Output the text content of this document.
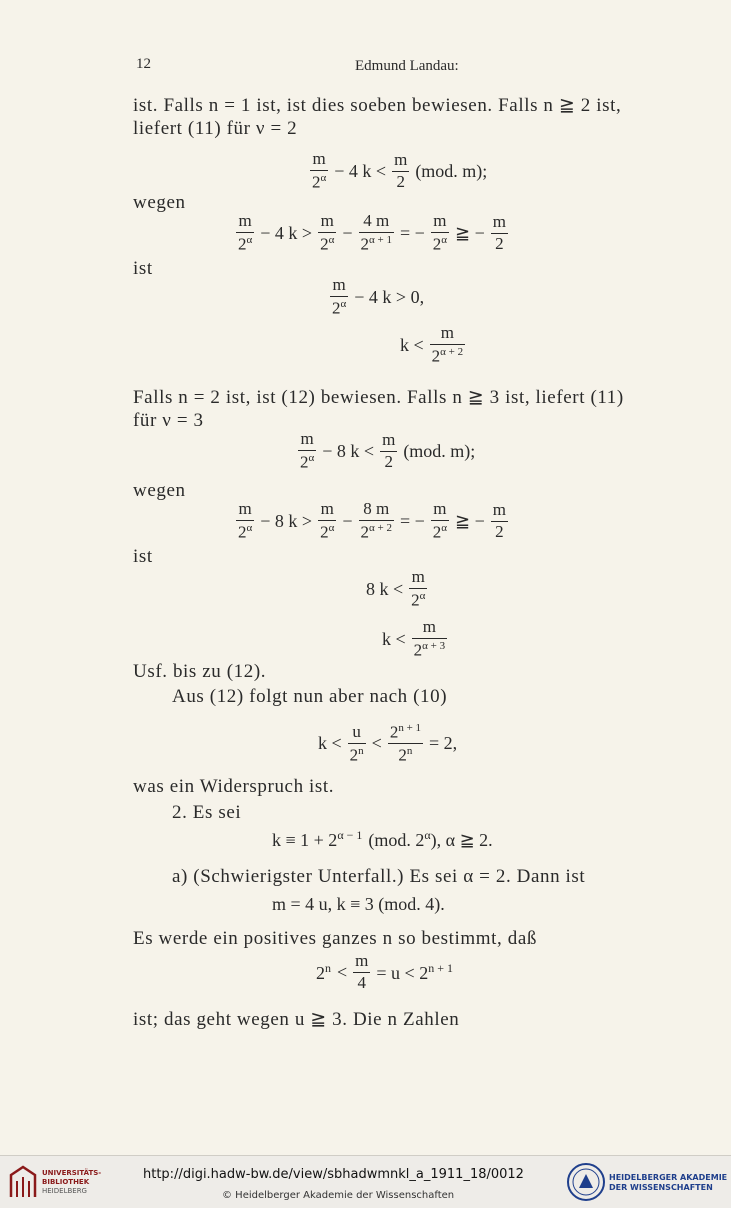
12	Edmund Landau:
ist. Falls n = 1 ist, ist dies soeben bewiesen. Falls n ≧ 2 ist,
liefert (11) für ν = 2
$\frac{m}{2^\alpha} - 4$ $k < \frac{m}{2} (mod$. m);
wegen
$\frac{m}{2^\alpha} - 4$ $k > \frac{m}{2^\alpha} - \frac{4 m}{2^{\alpha + 1}}$ = − $\frac{m}{2^\alpha}$ ≧ − $\frac{m}{2}$
ist
$\frac{m}{2^\alpha} - 4$ k > 0,
$k < \frac{m}{2^{\alpha + 2}}$
Falls n = 2 ist, ist (12) bewiesen. Falls n ≧ 3 ist, liefert (11)
für ν = 3
$\frac{m}{2^\alpha} - 8$ $k < \frac{m}{2} (mod$. m);
wegen
$\frac{m}{2^\alpha} - 8$ $k > \frac{m}{2^\alpha} - \frac{8 m}{2^{\alpha + 2}}$ = − $\frac{m}{2^\alpha}$ ≧ − $\frac{m}{2}$
ist
8 $k < \frac{m}{2^\alpha}$
$k < \frac{m}{2^{\alpha + 3}}$
Usf. bis zu (12).
Aus (12) folgt nun aber nach (10)
$k < \frac{u}{2^n} < \frac{2^{n + 1}}{2^n} = 2$,
was ein Widerspruch ist.
2. Es sei
$k \equiv 1 + 2^{\alpha - 1}$ (mod. $2^\alpha$), α ≧ 2.
a) (Schwierigster Unterfall.) Es sei α = 2. Dann ist
m = 4 u, k ≡ 3 (mod. 4).
Es werde ein positives ganzes n so bestimmt, daß
$2^n < \frac{m}{4} = u < 2^{n + 1}$
ist; das geht wegen u ≧ 3. Die n Zahlen
UNIVERSITÄTS- BIBLIOTHEK
HEIDELBERG
http://digi.hadw-bw.de/view/sbhadwmnkl_a_1911_18/0012
© Heidelberger Akademie der Wissenschaften
HEIDELBERGER AKADEMIE
DER WISSENSCHAFTEN
